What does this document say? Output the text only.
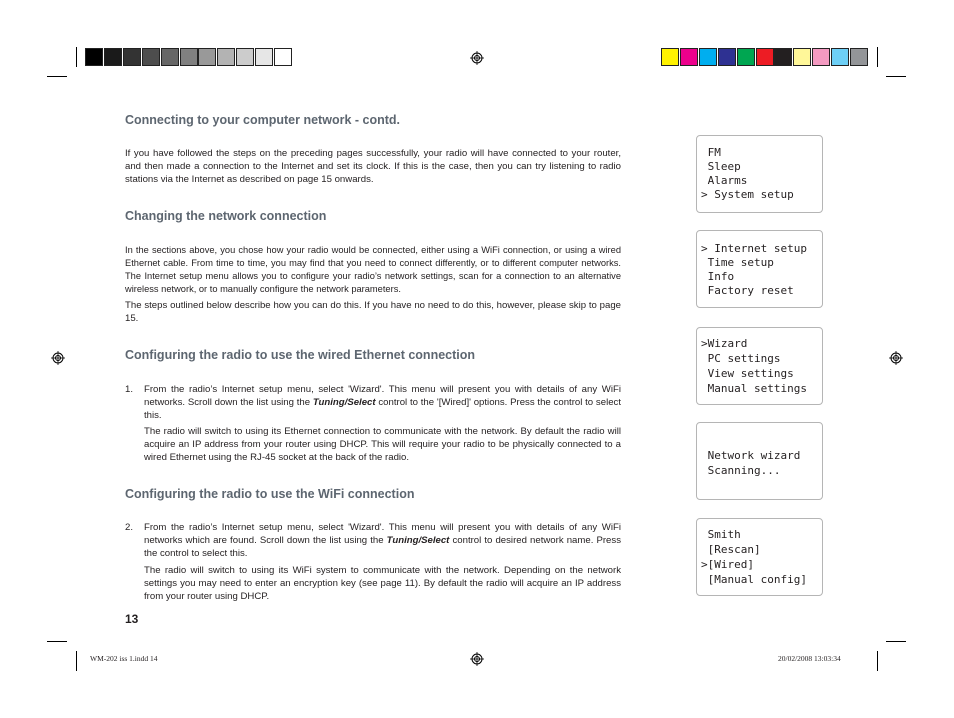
Connecting to your computer network - contd.
If you have followed the steps on the preceding pages successfully, your radio will have connected to your router, and then made a connection to the Internet and set its clock. If this is the case, then you can try listening to radio stations via the Internet as described on page 15 onwards.
Changing the network connection
In the sections above, you chose how your radio would be connected, either using a WiFi connection, or using a wired Ethernet cable. From time to time, you may find that you need to connect differently, or to different computer networks. The Internet setup menu allows you to configure your radio’s network settings, scan for a connection to an alternative wireless network, or to manually configure the network parameters.
The steps outlined below describe how you can do this. If you have no need to do this, however, please skip to page 15.
Configuring the radio to use the wired Ethernet connection
1. From the radio’s Internet setup menu, select 'Wizard'. This menu will present you with details of any WiFi networks. Scroll down the list using the Tuning/Select control to the '[Wired]' options. Press the control to select this.
The radio will switch to using its Ethernet connection to communicate with the network. By default the radio will acquire an IP address from your router using DHCP. This will require your radio to be physically connected to a wired Ethernet using the RJ-45 socket at the back of the radio.
Configuring the radio to use the WiFi connection
2. From the radio’s Internet setup menu, select 'Wizard'. This menu will present you with details of any WiFi networks which are found. Scroll down the list using the Tuning/Select control to desired network name. Press the control to select this.
The radio will switch to using its WiFi system to communicate with the network. Depending on the network settings you may need to enter an encryption key (see page 11). By default the radio will acquire an IP address from your router using DHCP.
13
FM
Sleep
Alarms
> System setup
> Internet setup
Time setup
Info
Factory reset
>Wizard
PC settings
View settings
Manual settings
Network wizard
Scanning...
Smith
[Rescan]
>[Wired]
[Manual config]
WM-202 iss 1.indd 14	20/02/2008 13:03:34
